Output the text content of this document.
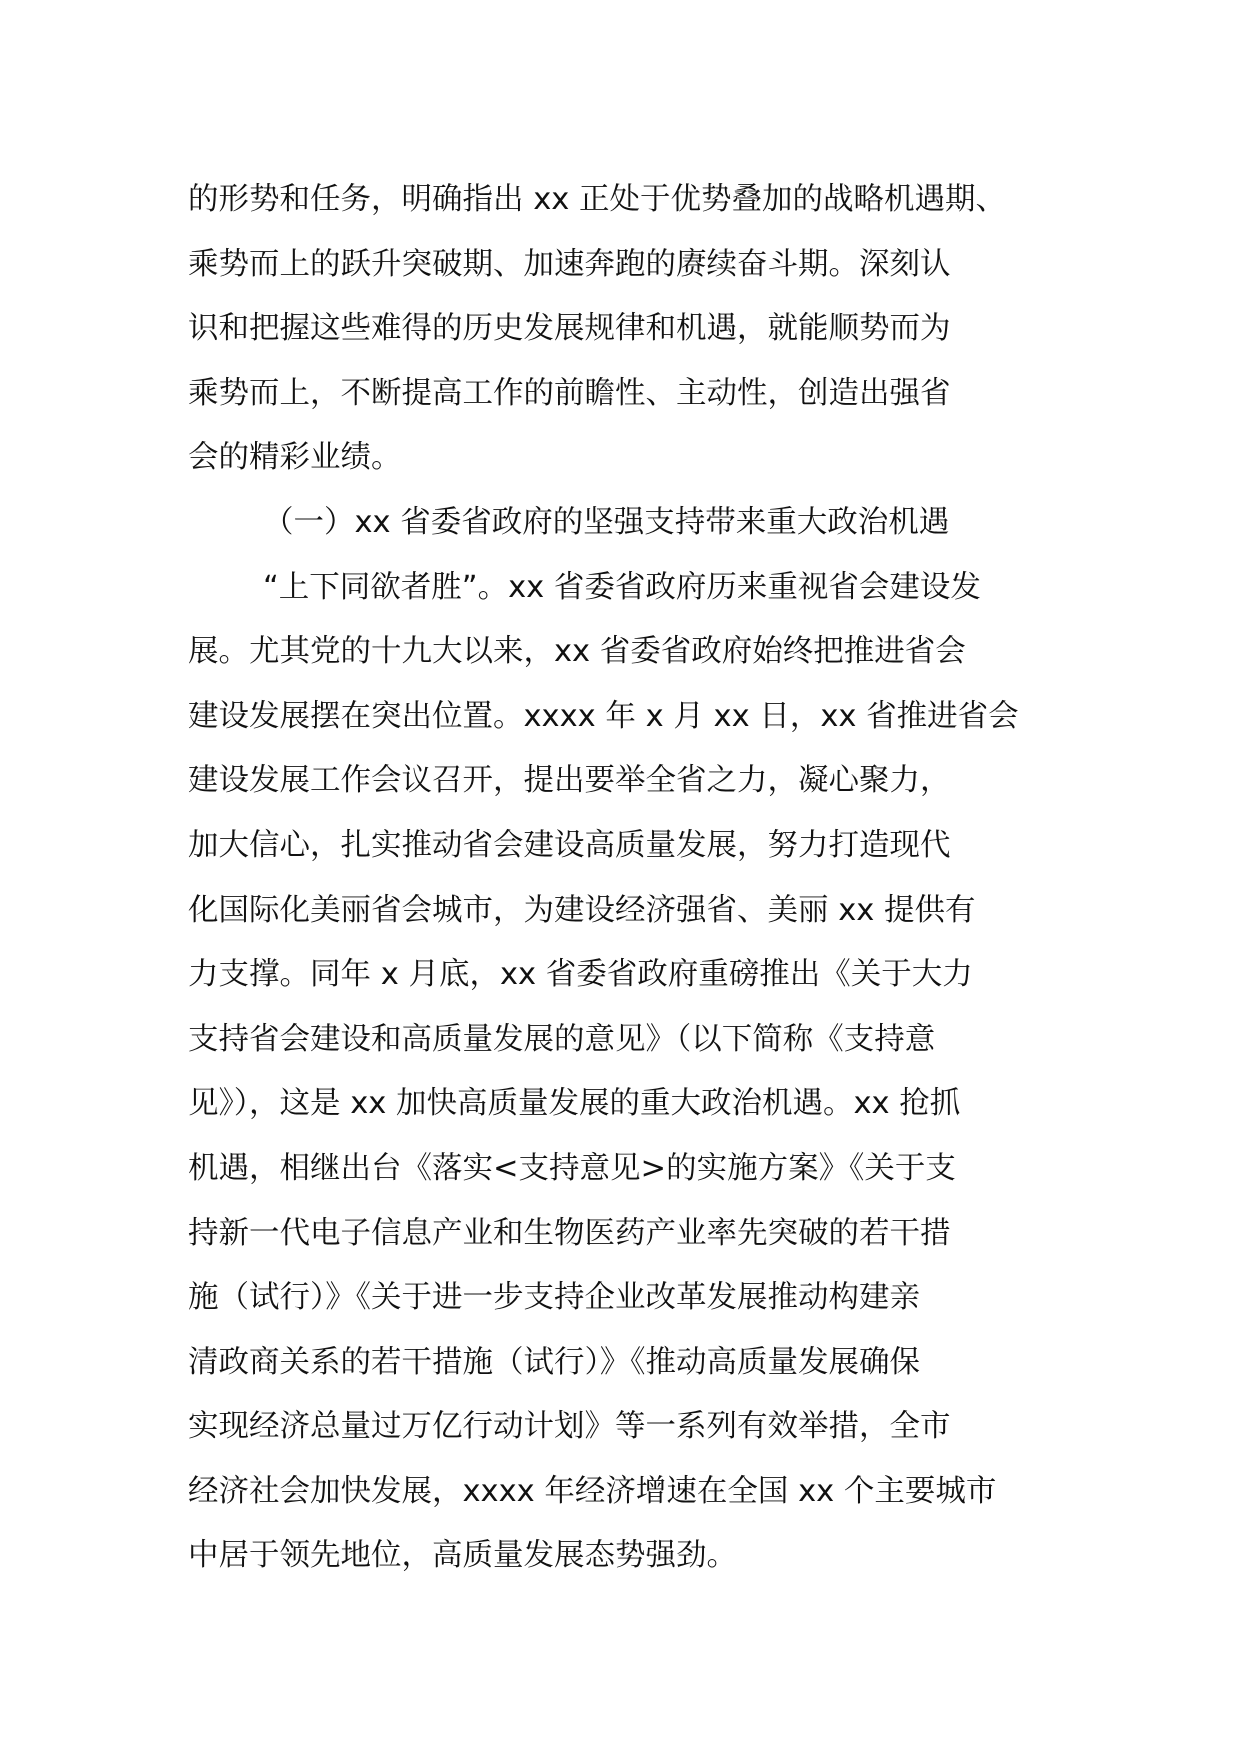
的形势和任务，明确指出 xx 正处于优势叠加的战略机遇期、
乘势而上的跃升突破期、加速奔跑的赓续奋斗期。深刻认
识和把握这些难得的历史发展规律和机遇，就能顺势而为
乘势而上，不断提高工作的前瞻性、主动性，创造出强省
会的精彩业绩。
（一）xx 省委省政府的坚强支持带来重大政治机遇
“上下同欲者胜”。xx 省委省政府历来重视省会建设发
展。尤其党的十九大以来，xx 省委省政府始终把推进省会
建设发展摆在突出位置。xxxx 年 x 月 xx 日，xx 省推进省会
建设发展工作会议召开，提出要举全省之力，凝心聚力，
加大信心，扎实推动省会建设高质量发展，努力打造现代
化国际化美丽省会城市，为建设经济强省、美丽 xx 提供有
力支撑。同年 x 月底，xx 省委省政府重磅推出《关于大力
支持省会建设和高质量发展的意见》（以下简称《支持意
见》），这是 xx 加快高质量发展的重大政治机遇。xx 抢抓
机遇，相继出台《落实<支持意见>的实施方案》《关于支
持新一代电子信息产业和生物医药产业率先突破的若干措
施（试行）》《关于进一步支持企业改革发展推动构建亲
清政商关系的若干措施（试行）》《推动高质量发展确保
实现经济总量过万亿行动计划》等一系列有效举措，全市
经济社会加快发展，xxxx 年经济增速在全国 xx 个主要城市
中居于领先地位，高质量发展态势强劲。
